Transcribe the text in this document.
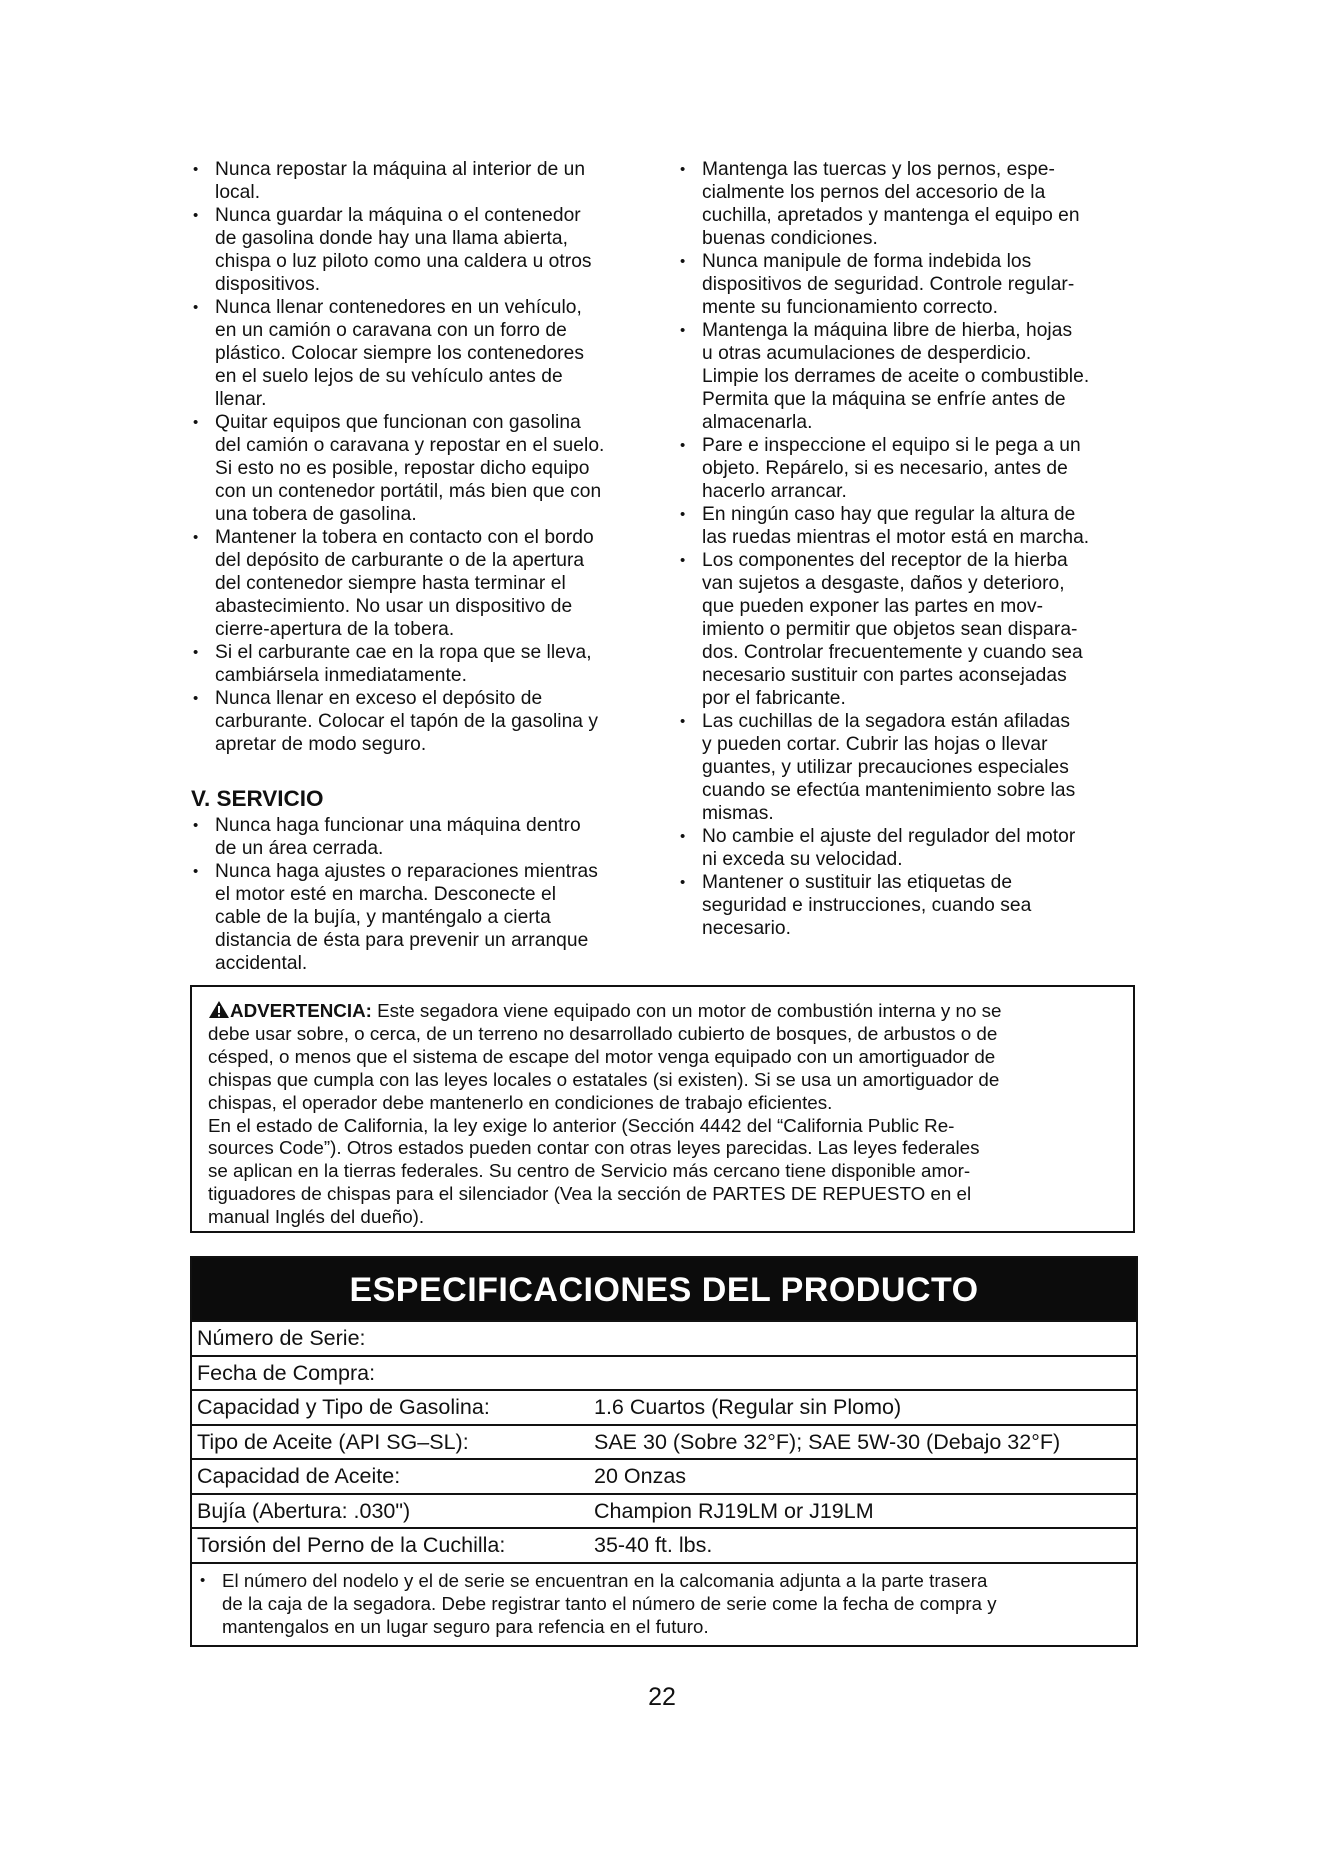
• Nunca repostar la máquina al interior de un
local.
• Nunca guardar la máquina o el contenedor
de gasolina donde hay una llama abierta,
chispa o luz piloto como una caldera u otros
dispositivos.
• Nunca llenar contenedores en un vehículo,
en un camión o caravana con un forro de
plástico. Colocar siempre los contenedores
en el suelo lejos de su vehículo antes de
llenar.
• Quitar equipos que funcionan con gasolina
del camión o caravana y repostar en el suelo.
Si esto no es posible, repostar dicho equipo
con un contenedor portátil, más bien que con
una tobera de gasolina.
• Mantener la tobera en contacto con el bordo
del depósito de carburante o de la apertura
del contenedor siempre hasta terminar el
abastecimiento. No usar un dispositivo de
cierre-apertura de la tobera.
• Si el carburante cae en la ropa que se lleva,
cambiársela inmediatamente.
• Nunca llenar en exceso el depósito de
carburante. Colocar el tapón de la gasolina y
apretar de modo seguro.
V. SERVICIO
• Nunca haga funcionar una máquina dentro
de un área cerrada.
• Nunca haga ajustes o reparaciones mientras
el motor esté en marcha. Desconecte el
cable de la bujía, y manténgalo a cierta
distancia de ésta para prevenir un arranque
accidental.
• Mantenga las tuercas y los pernos, espe-
cialmente los pernos del accesorio de la
cuchilla, apretados y mantenga el equipo en
buenas condiciones.
• Nunca manipule de forma indebida los
dispositivos de seguridad. Controle regular-
mente su funcionamiento correcto.
• Mantenga la máquina libre de hierba, hojas
u otras acumulaciones de desperdicio.
Limpie los derrames de aceite o combustible.
Permita que la máquina se enfríe antes de
almacenarla.
• Pare e inspeccione el equipo si le pega a un
objeto. Repárelo, si es necesario, antes de
hacerlo arrancar.
• En ningún caso hay que regular la altura de
las ruedas mientras el motor está en marcha.
• Los componentes del receptor de la hierba
van sujetos a desgaste, daños y deterioro,
que pueden exponer las partes en mov-
imiento o permitir que objetos sean dispara-
dos. Controlar frecuentemente y cuando sea
necesario sustituir con partes aconsejadas
por el fabricante.
• Las cuchillas de la segadora están afiladas
y pueden cortar. Cubrir las hojas o llevar
guantes, y utilizar precauciones especiales
cuando se efectúa mantenimiento sobre las
mismas.
• No cambie el ajuste del regulador del motor
ni exceda su velocidad.
• Mantener o sustituir las etiquetas de
seguridad e instrucciones, cuando sea
necesario.

ADVERTENCIA: Este segadora viene equipado con un motor de combustión interna y no se
debe usar sobre, o cerca, de un terreno no desarrollado cubierto de bosques, de arbustos o de
césped, o menos que el sistema de escape del motor venga equipado con un amortiguador de
chispas que cumpla con las leyes locales o estatales (si existen). Si se usa un amortiguador de
chispas, el operador debe mantenerlo en condiciones de trabajo eficientes.

En el estado de California, la ley exige lo anterior (Sección 4442 del “California Public Re-
sources Code”). Otros estados pueden contar con otras leyes parecidas. Las leyes federales
se aplican en la tierras federales. Su centro de Servicio más cercano tiene disponible amor-
tiguadores de chispas para el silenciador (Vea la sección de PARTES DE REPUESTO en el
manual Inglés del dueño).

ESPECIFICACIONES DEL PRODUCTO
Número de Serie:
Fecha de Compra:
Capacidad y Tipo de Gasolina:	1.6 Cuartos (Regular sin Plomo)
Tipo de Aceite (API SG–SL):	SAE 30 (Sobre 32°F); SAE 5W-30 (Debajo 32°F)
Capacidad de Aceite:	20 Onzas
Bujía (Abertura: .030")	Champion RJ19LM or J19LM
Torsión del Perno de la Cuchilla:	35-40 ft. lbs.
• El número del nodelo y el de serie se encuentran en la calcomania adjunta a la parte trasera
de la caja de la segadora. Debe registrar tanto el número de serie come la fecha de compra y
mantengalos en un lugar seguro para refencia en el futuro.
22
